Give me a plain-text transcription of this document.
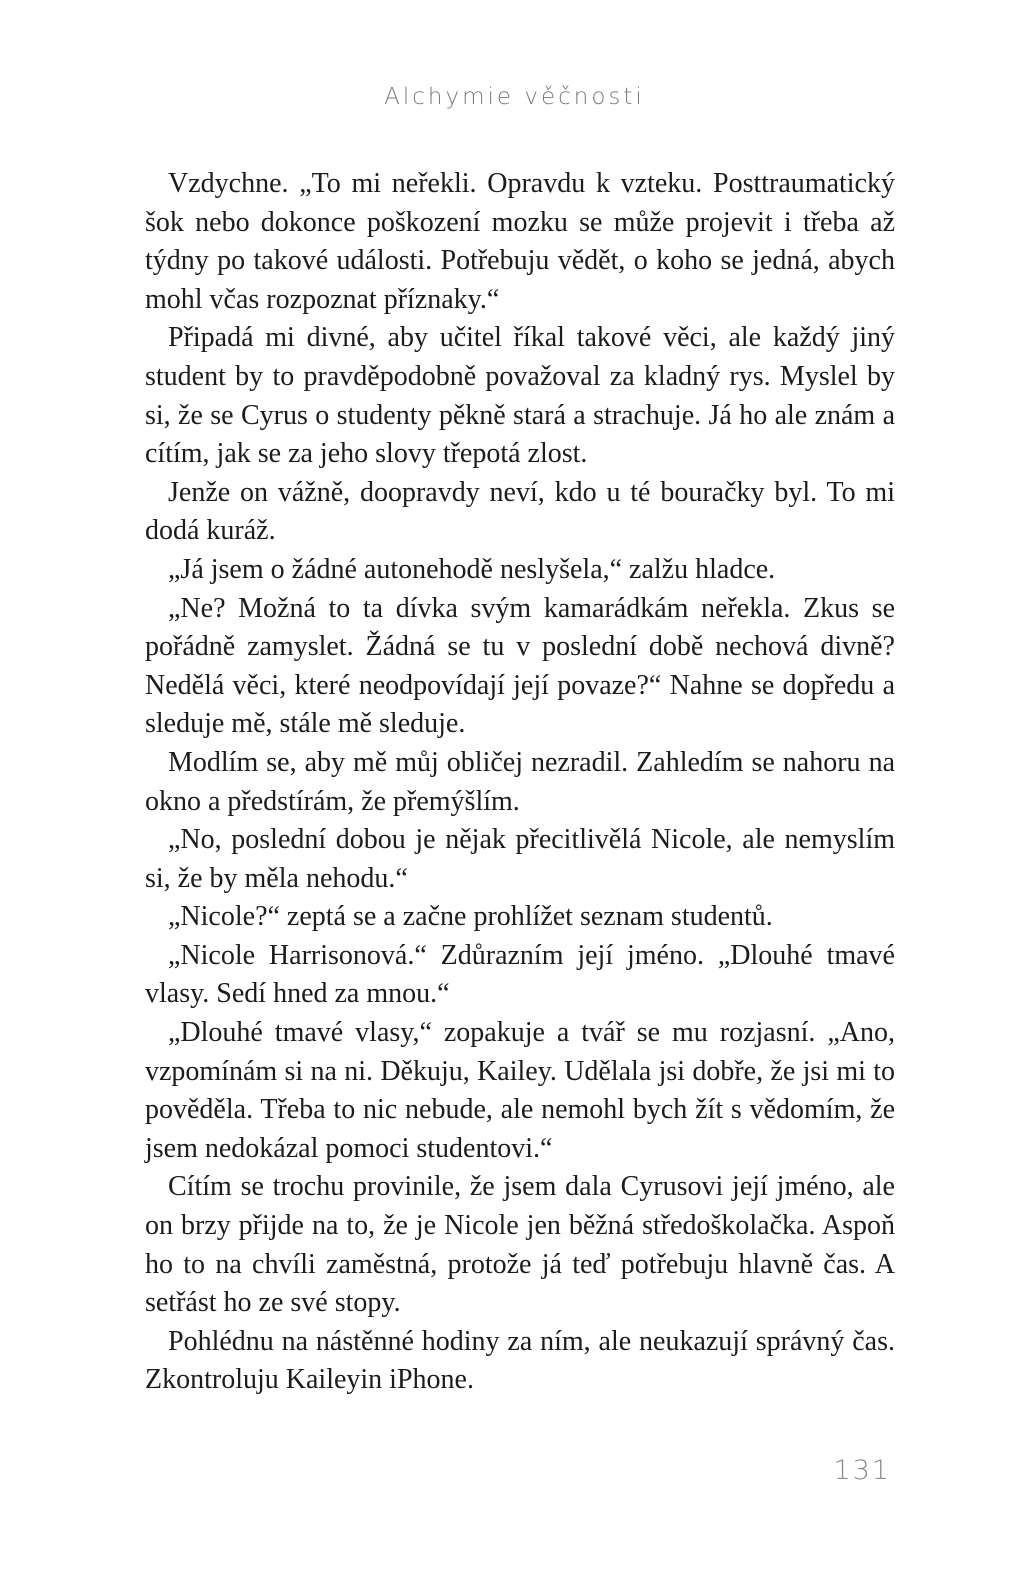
Alchymie věčnosti

Vzdychne. „To mi neřekli. Opravdu k vzteku. Posttraumatický šok nebo dokonce poškození mozku se může projevit i třeba až týdny po takové události. Potřebuju vědět, o koho se jedná, abych mohl včas rozpoznat příznaky.“

Připadá mi divné, aby učitel říkal takové věci, ale každý jiný student by to pravděpodobně považoval za kladný rys. Myslel by si, že se Cyrus o studenty pěkně stará a strachuje. Já ho ale znám a cítím, jak se za jeho slovy třepotá zlost.

Jenže on vážně, doopravdy neví, kdo u té bouračky byl. To mi dodá kuráž.

„Já jsem o žádné autonehodě neslyšela,“ zalžu hladce.

„Ne? Možná to ta dívka svým kamarádkám neřekla. Zkus se pořádně zamyslet. Žádná se tu v poslední době nechová divně? Nedělá věci, které neodpovídají její povaze?“ Nahne se dopředu a sleduje mě, stále mě sleduje.

Modlím se, aby mě můj obličej nezradil. Zahledím se nahoru na okno a předstírám, že přemýšlím.

„No, poslední dobou je nějak přecitlivělá Nicole, ale nemyslím si, že by měla nehodu.“

„Nicole?“ zeptá se a začne prohlížet seznam studentů.

„Nicole Harrisonová.“ Zdůrazním její jméno. „Dlouhé tmavé vlasy. Sedí hned za mnou.“

„Dlouhé tmavé vlasy,“ zopakuje a tvář se mu rozjasní. „Ano, vzpomínám si na ni. Děkuju, Kailey. Udělala jsi dobře, že jsi mi to pověděla. Třeba to nic nebude, ale nemohl bych žít s vědomím, že jsem nedokázal pomoci studentovi.“

Cítím se trochu provinile, že jsem dala Cyrusovi její jméno, ale on brzy přijde na to, že je Nicole jen běžná středoškolačka. Aspoň ho to na chvíli zaměstná, protože já teď potřebuju hlavně čas. A setřást ho ze své stopy.

Pohlédnu na nástěnné hodiny za ním, ale neukazují správný čas. Zkontroluju Kaileyin iPhone.

131
